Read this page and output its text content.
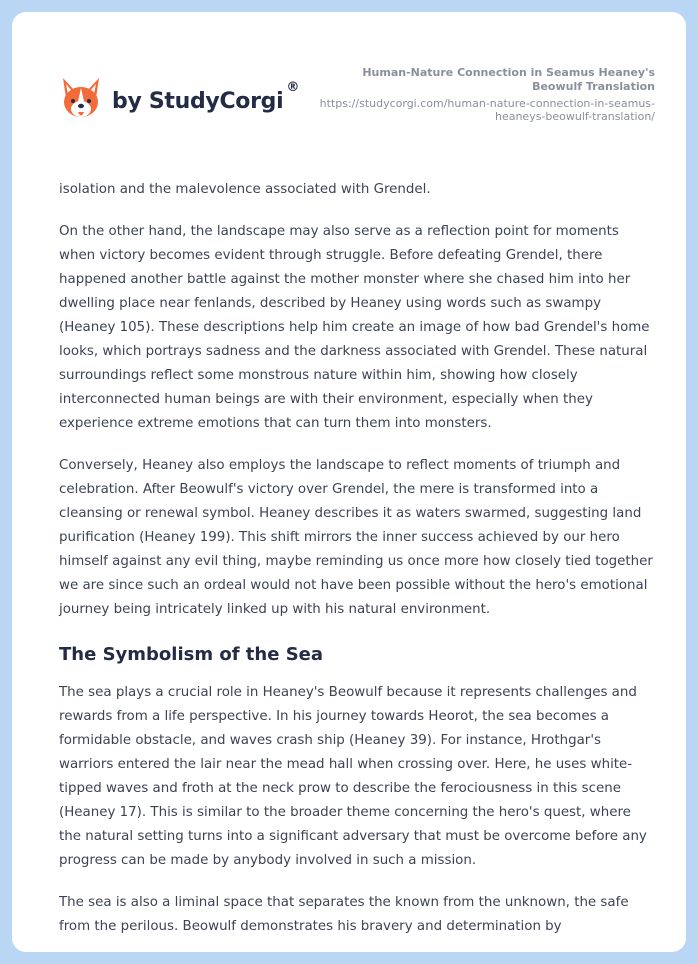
by StudyCorgi
®
Human-Nature Connection in Seamus Heaney's Beowulf Translation
https://studycorgi.com/human-nature-connection-in-seamus-heaneys-beowulf-translation/

isolation and the malevolence associated with Grendel.

On the other hand, the landscape may also serve as a reflection point for moments when victory becomes evident through struggle. Before defeating Grendel, there happened another battle against the mother monster where she chased him into her dwelling place near fenlands, described by Heaney using words such as swampy (Heaney 105). These descriptions help him create an image of how bad Grendel's home looks, which portrays sadness and the darkness associated with Grendel. These natural surroundings reflect some monstrous nature within him, showing how closely interconnected human beings are with their environment, especially when they experience extreme emotions that can turn them into monsters.

Conversely, Heaney also employs the landscape to reflect moments of triumph and celebration. After Beowulf's victory over Grendel, the mere is transformed into a cleansing or renewal symbol. Heaney describes it as waters swarmed, suggesting land purification (Heaney 199). This shift mirrors the inner success achieved by our hero himself against any evil thing, maybe reminding us once more how closely tied together we are since such an ordeal would not have been possible without the hero's emotional journey being intricately linked up with his natural environment.

The Symbolism of the Sea

The sea plays a crucial role in Heaney's Beowulf because it represents challenges and rewards from a life perspective. In his journey towards Heorot, the sea becomes a formidable obstacle, and waves crash ship (Heaney 39). For instance, Hrothgar's warriors entered the lair near the mead hall when crossing over. Here, he uses white-tipped waves and froth at the neck prow to describe the ferociousness in this scene (Heaney 17). This is similar to the broader theme concerning the hero's quest, where the natural setting turns into a significant adversary that must be overcome before any progress can be made by anybody involved in such a mission.

The sea is also a liminal space that separates the known from the unknown, the safe from the perilous. Beowulf demonstrates his bravery and determination by
